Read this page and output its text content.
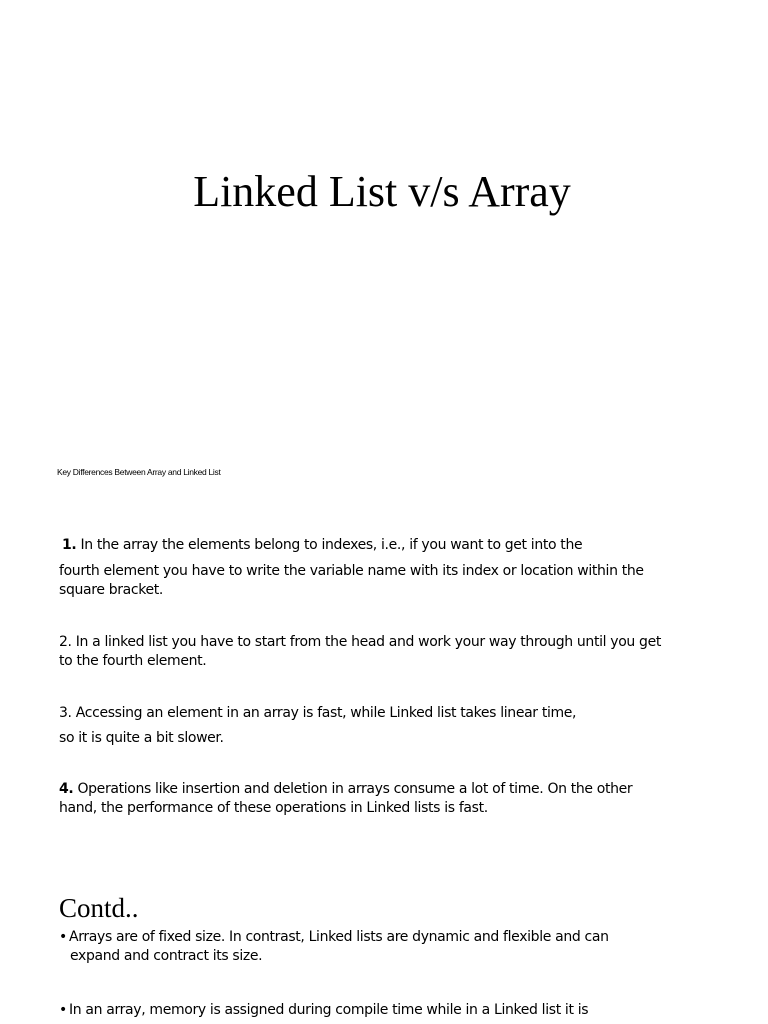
Linked List v/s Array
Key Differences Between Array and Linked List
1. In the array the elements belong to indexes, i.e., if you want to get into the
fourth element you have to write the variable name with its index or location within the
square bracket.
2. In a linked list you have to start from the head and work your way through until you get
to the fourth element.
3. Accessing an element in an array is fast, while Linked list takes linear time,
so it is quite a bit slower.
4. Operations like insertion and deletion in arrays consume a lot of time. On the other
hand, the performance of these operations in Linked lists is fast.
Contd..
• Arrays are of fixed size. In contrast, Linked lists are dynamic and flexible and can
expand and contract its size.
• In an array, memory is assigned during compile time while in a Linked list it is
